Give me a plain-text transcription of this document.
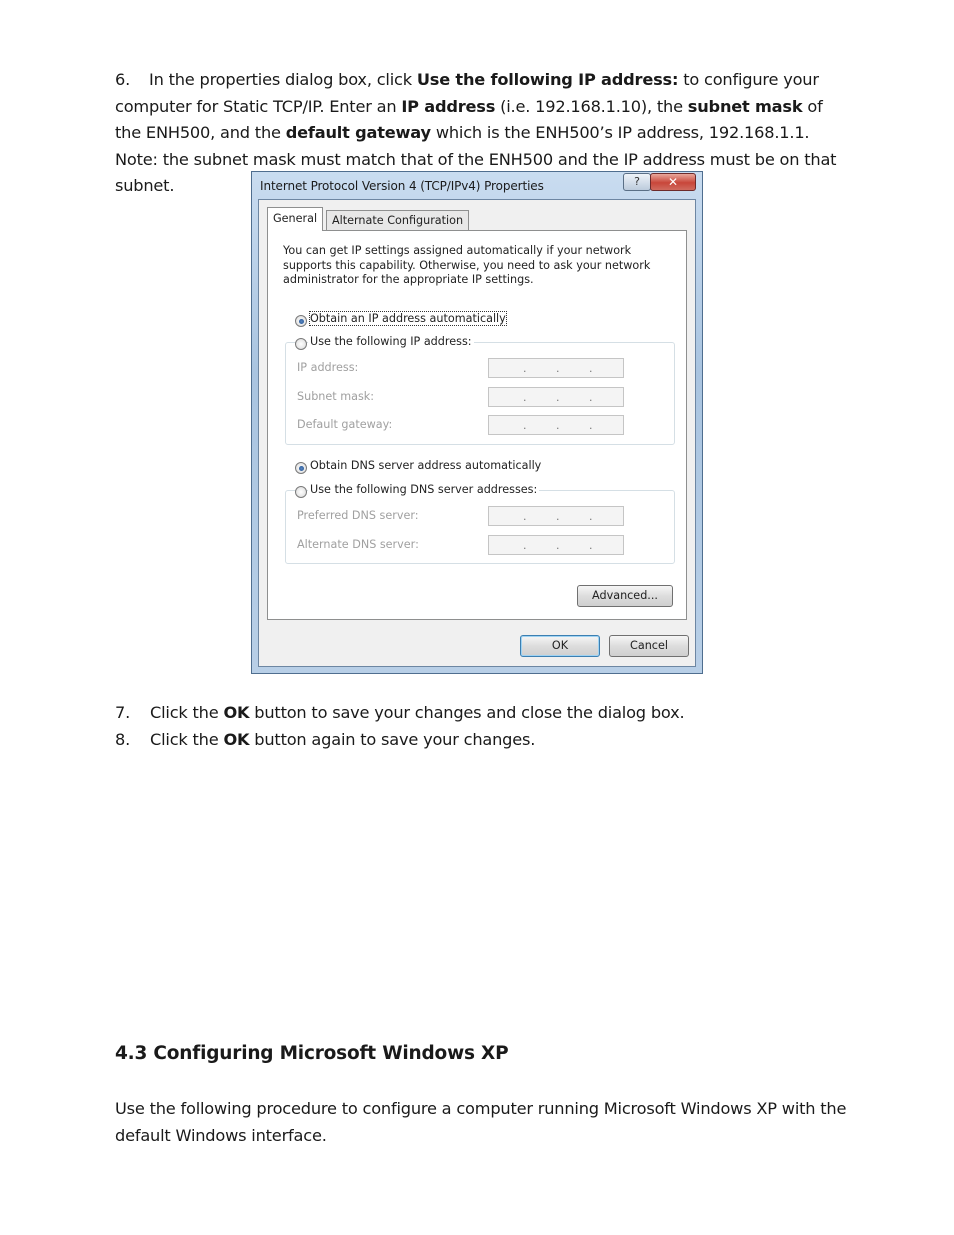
6. In the properties dialog box, click Use the following IP address: to configure your computer for Static TCP/IP. Enter an IP address (i.e. 192.168.1.10), the subnet mask of the ENH500, and the default gateway which is the ENH500’s IP address, 192.168.1.1. Note: the subnet mask must match that of the ENH500 and the IP address must be on that subnet.	Internet Protocol Version 4 (TCP/IPv4) Properties	?	✕
General	Alternate Configuration
You can get IP settings assigned automatically if your network supports this capability. Otherwise, you need to ask your network administrator for the appropriate IP settings.
Obtain an IP address automatically
Use the following IP address:
IP address:	.	.	.
Subnet mask:	.	.	.
Default gateway:	.	.	.
Obtain DNS server address automatically
Use the following DNS server addresses:
Preferred DNS server:	.	.	.
Alternate DNS server:	.	.	.
Advanced...
OK	Cancel
7. Click the OK button to save your changes and close the dialog box.
8. Click the OK button again to save your changes.
4.3 Configuring Microsoft Windows XP
Use the following procedure to configure a computer running Microsoft Windows XP with the default Windows interface.
